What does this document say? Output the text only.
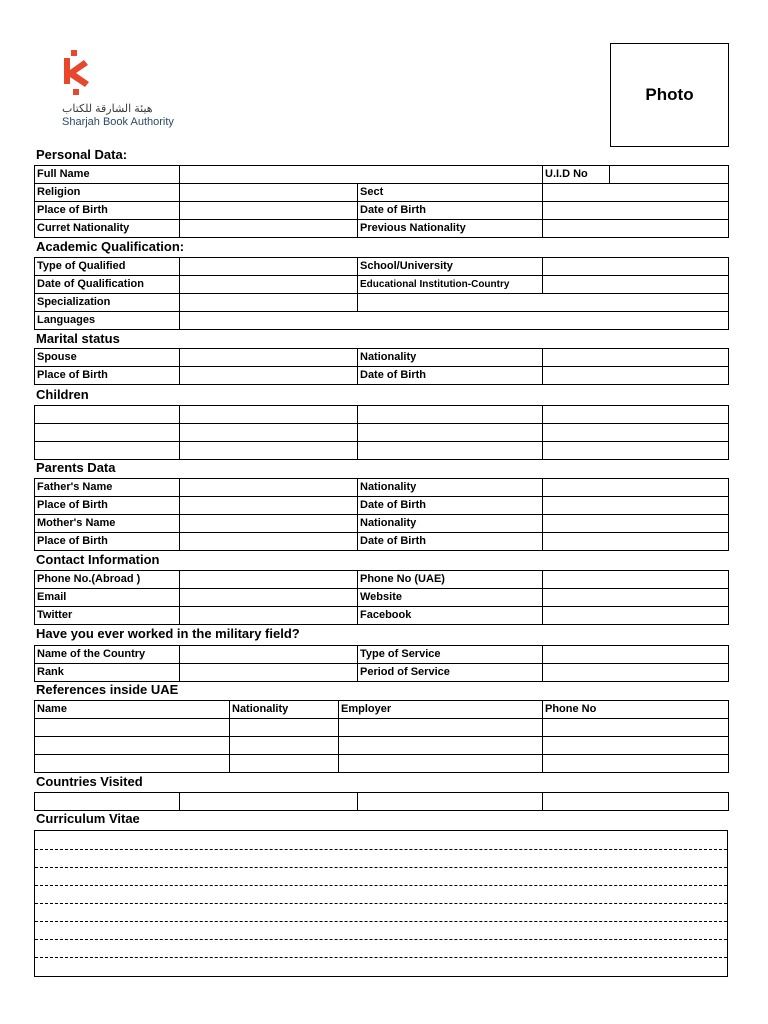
هيئة الشارقة للكتاب
Sharjah Book Authority
Photo
Personal Data:
Full Name			U.I.D No	
Religion		Sect		
Place of Birth		Date of Birth		
Curret Nationality		Previous Nationality		
Academic Qualification:
Type of Qualified		School/University	
Date of Qualification		Educational Institution-Country	
Specialization			
Languages			
Marital status
Spouse		Nationality	
Place of Birth		Date of Birth	
Children

Parents Data
Father's Name		Nationality	
Place of Birth		Date of Birth	
Mother's Name		Nationality	
Place of Birth		Date of Birth	
Contact Information
Phone No.(Abroad )		Phone No (UAE)	
Email		Website	
Twitter		Facebook	
Have you ever worked in the military field?
Name of the Country		Type of Service	
Rank		Period of Service	
References inside UAE
Name	Nationality	Employer	Phone No

Countries Visited

Curriculum Vitae
